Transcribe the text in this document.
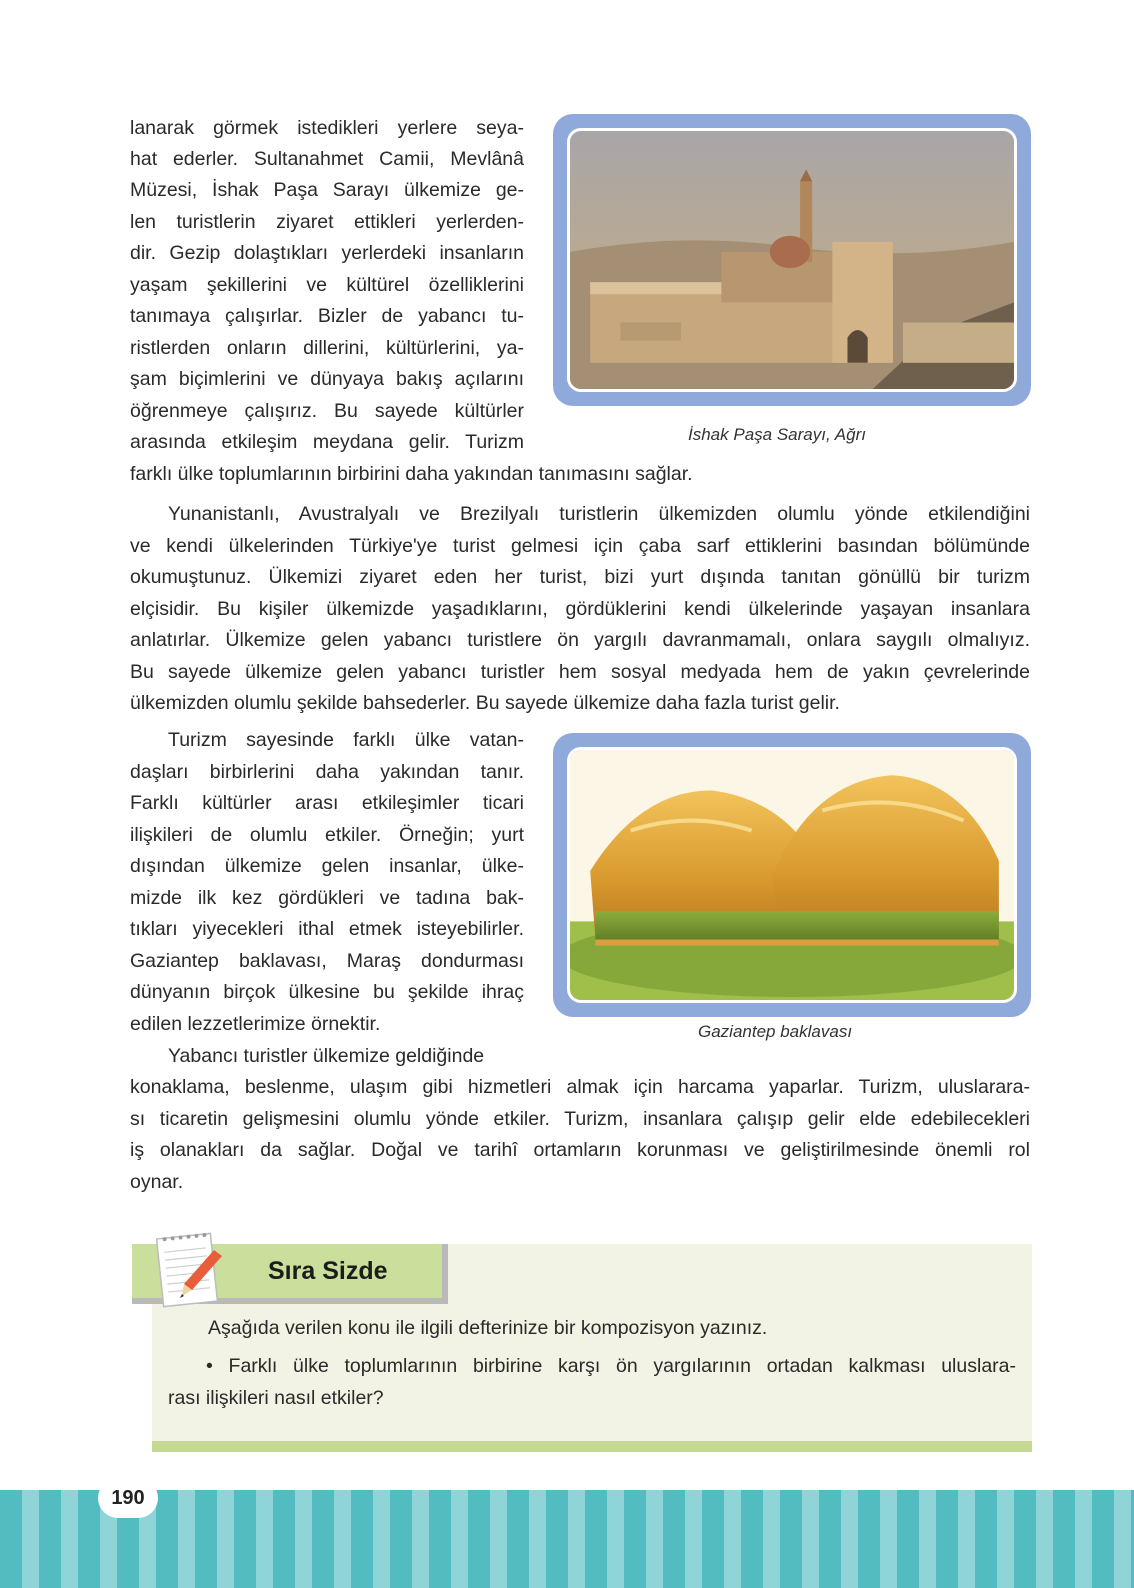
lanarak görmek istedikleri yerlere seya-
hat ederler. Sultanahmet Camii, Mevlânâ
Müzesi, İshak Paşa Sarayı ülkemize ge-
len turistlerin ziyaret ettikleri yerlerden-
dir. Gezip dolaştıkları yerlerdeki insanların
yaşam şekillerini ve kültürel özelliklerini
tanımaya çalışırlar. Bizler de yabancı tu-
ristlerden onların dillerini, kültürlerini, ya-
şam biçimlerini ve dünyaya bakış açılarını
öğrenmeye çalışırız. Bu sayede kültürler
arasında etkileşim meydana gelir. Turizm
farklı ülke toplumlarının birbirini daha yakından tanımasını sağlar.
İshak Paşa Sarayı, Ağrı
Yunanistanlı, Avustralyalı ve Brezilyalı turistlerin ülkemizden olumlu yönde etkilendiğini
ve kendi ülkelerinden Türkiye'ye turist gelmesi için çaba sarf ettiklerini basından bölümünde
okumuştunuz. Ülkemizi ziyaret eden her turist, bizi yurt dışında tanıtan gönüllü bir turizm
elçisidir. Bu kişiler ülkemizde yaşadıklarını, gördüklerini kendi ülkelerinde yaşayan insanlara
anlatırlar. Ülkemize gelen yabancı turistlere ön yargılı davranmamalı, onlara saygılı olmalıyız.
Bu sayede ülkemize gelen yabancı turistler hem sosyal medyada hem de yakın çevrelerinde
ülkemizden olumlu şekilde bahsederler. Bu sayede ülkemize daha fazla turist gelir.
Turizm sayesinde farklı ülke vatan-
daşları birbirlerini daha yakından tanır.
Farklı kültürler arası etkileşimler ticari
ilişkileri de olumlu etkiler. Örneğin; yurt
dışından ülkemize gelen insanlar, ülke-
mizde ilk kez gördükleri ve tadına bak-
tıkları yiyecekleri ithal etmek isteyebilirler.
Gaziantep baklavası, Maraş dondurması
dünyanın birçok ülkesine bu şekilde ihraç
edilen lezzetlerimize örnektir.	Gaziantep baklavası
Yabancı turistler ülkemize geldiğinde
konaklama, beslenme, ulaşım gibi hizmetleri almak için harcama yaparlar. Turizm, uluslarara-
sı ticaretin gelişmesini olumlu yönde etkiler. Turizm, insanlara çalışıp gelir elde edebilecekleri
iş olanakları da sağlar. Doğal ve tarihî ortamların korunması ve geliştirilmesinde önemli rol
oynar.
Sıra Sizde
Aşağıda verilen konu ile ilgili defterinize bir kompozisyon yazınız.
• Farklı ülke toplumlarının birbirine karşı ön yargılarının ortadan kalkması uluslara-
rası ilişkileri nasıl etkiler?
190
